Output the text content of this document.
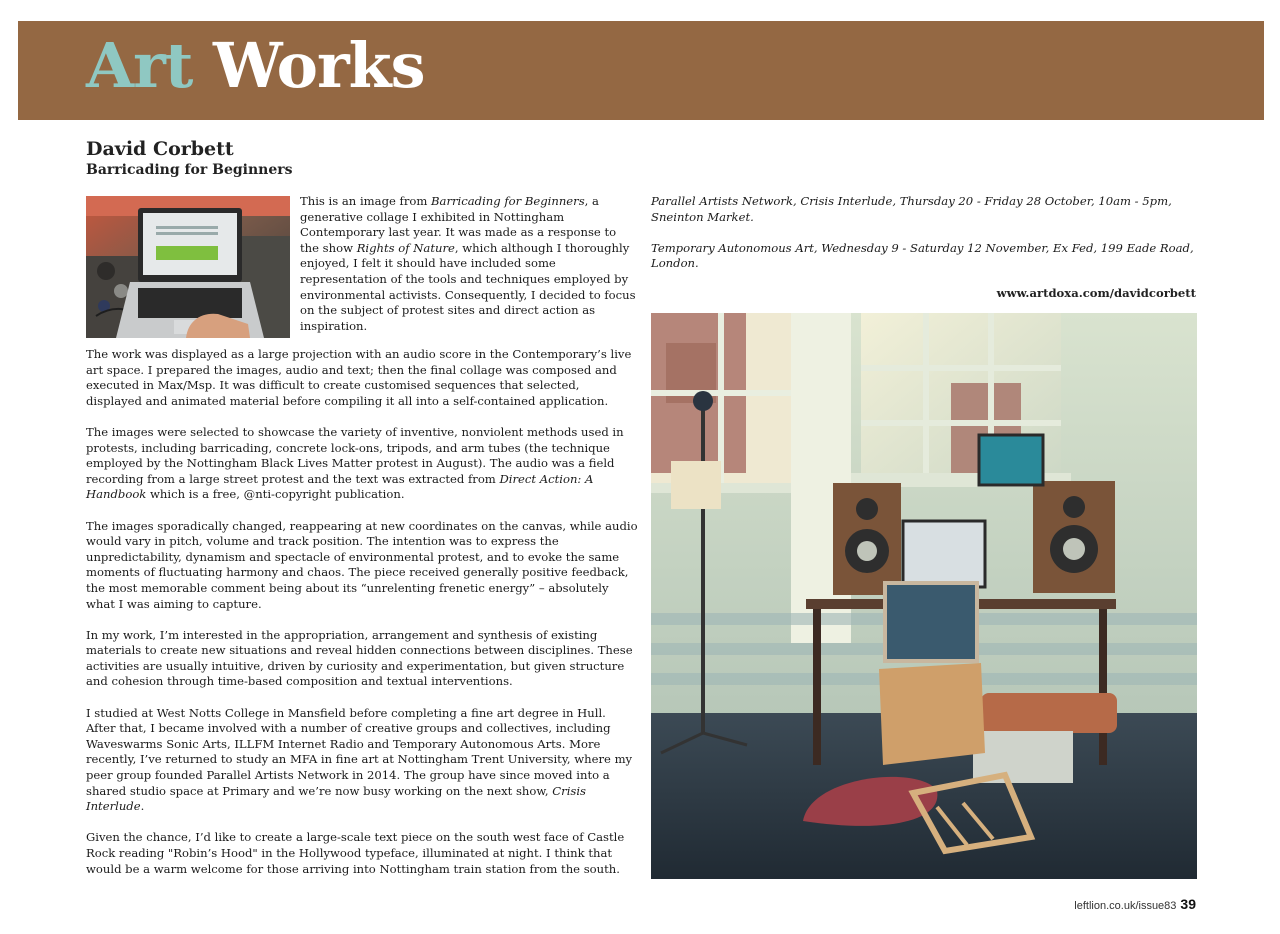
Art Works
David Corbett
Barricading for Beginners

This is an image from Barricading for Beginners, a generative collage I exhibited in Nottingham Contemporary last year. It was made as a response to the show Rights of Nature, which although I thoroughly enjoyed, I felt it should have included some representation of the tools and techniques employed by environmental activists. Consequently, I decided to focus on the subject of protest sites and direct action as inspiration.

The work was displayed as a large projection with an audio score in the Contemporary’s live art space. I prepared the images, audio and text; then the final collage was composed and executed in Max/Msp. It was difficult to create customised sequences that selected, displayed and animated material before compiling it all into a self-contained application.

The images were selected to showcase the variety of inventive, nonviolent methods used in protests, including barricading, concrete lock-ons, tripods, and arm tubes (the technique employed by the Nottingham Black Lives Matter protest in August). The audio was a field recording from a large street protest and the text was extracted from Direct Action: A Handbook which is a free, @nti-copyright publication.

The images sporadically changed, reappearing at new coordinates on the canvas, while audio would vary in pitch, volume and track position. The intention was to express the unpredictability, dynamism and spectacle of environmental protest, and to evoke the same moments of fluctuating harmony and chaos. The piece received generally positive feedback, the most memorable comment being about its “unrelenting frenetic energy” – absolutely what I was aiming to capture.

In my work, I’m interested in the appropriation, arrangement and synthesis of existing materials to create new situations and reveal hidden connections between disciplines. These activities are usually intuitive, driven by curiosity and experimentation, but given structure and cohesion through time-based composition and textual interventions.

I studied at West Notts College in Mansfield before completing a fine art degree in Hull. After that, I became involved with a number of creative groups and collectives, including Waveswarms Sonic Arts, ILLFM Internet Radio and Temporary Autonomous Arts. More recently, I’ve returned to study an MFA in fine art at Nottingham Trent University, where my peer group founded Parallel Artists Network in 2014. The group have since moved into a shared studio space at Primary and we’re now busy working on the next show, Crisis Interlude.

Given the chance, I’d like to create a large-scale text piece on the south west face of Castle Rock reading "Robin’s Hood" in the Hollywood typeface, illuminated at night. I think that would be a warm welcome for those arriving into Nottingham train station from the south.

Parallel Artists Network, Crisis Interlude, Thursday 20 - Friday 28 October, 10am - 5pm, Sneinton Market.

Temporary Autonomous Art, Wednesday 9 - Saturday 12 November, Ex Fed, 199 Eade Road, London.

www.artdoxa.com/davidcorbett

leftlion.co.uk/issue83 39
